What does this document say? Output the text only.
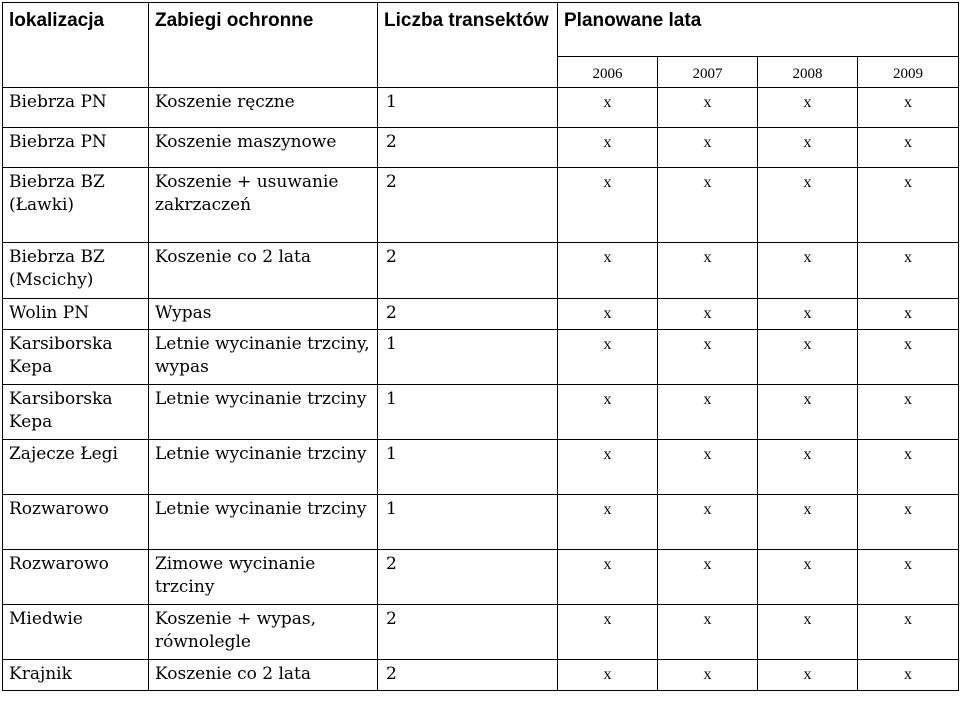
lokalizacja	Zabiegi ochronne	Liczba transektów	Planowane lata			
			2006	2007	2008	2009
Biebrza PN	Koszenie ręczne	1	x	x	x	x
Biebrza PN	Koszenie maszynowe	2	x	x	x	x
Biebrza BZ (Ławki)	Koszenie + usuwanie zakrzaczeń	2	x	x	x	x
Biebrza BZ (Mscichy)	Koszenie co 2 lata	2	x	x	x	x
Wolin PN	Wypas	2	x	x	x	x
Karsiborska Kepa	Letnie wycinanie trzciny, wypas	1	x	x	x	x
Karsiborska Kepa	Letnie wycinanie trzciny	1	x	x	x	x
Zajecze Łegi	Letnie wycinanie trzciny	1	x	x	x	x
Rozwarowo	Letnie wycinanie trzciny	1	x	x	x	x
Rozwarowo	Zimowe wycinanie trzciny	2	x	x	x	x
Miedwie	Koszenie + wypas, równolegle	2	x	x	x	x
Krajnik	Koszenie co 2 lata	2	x	x	x	x
